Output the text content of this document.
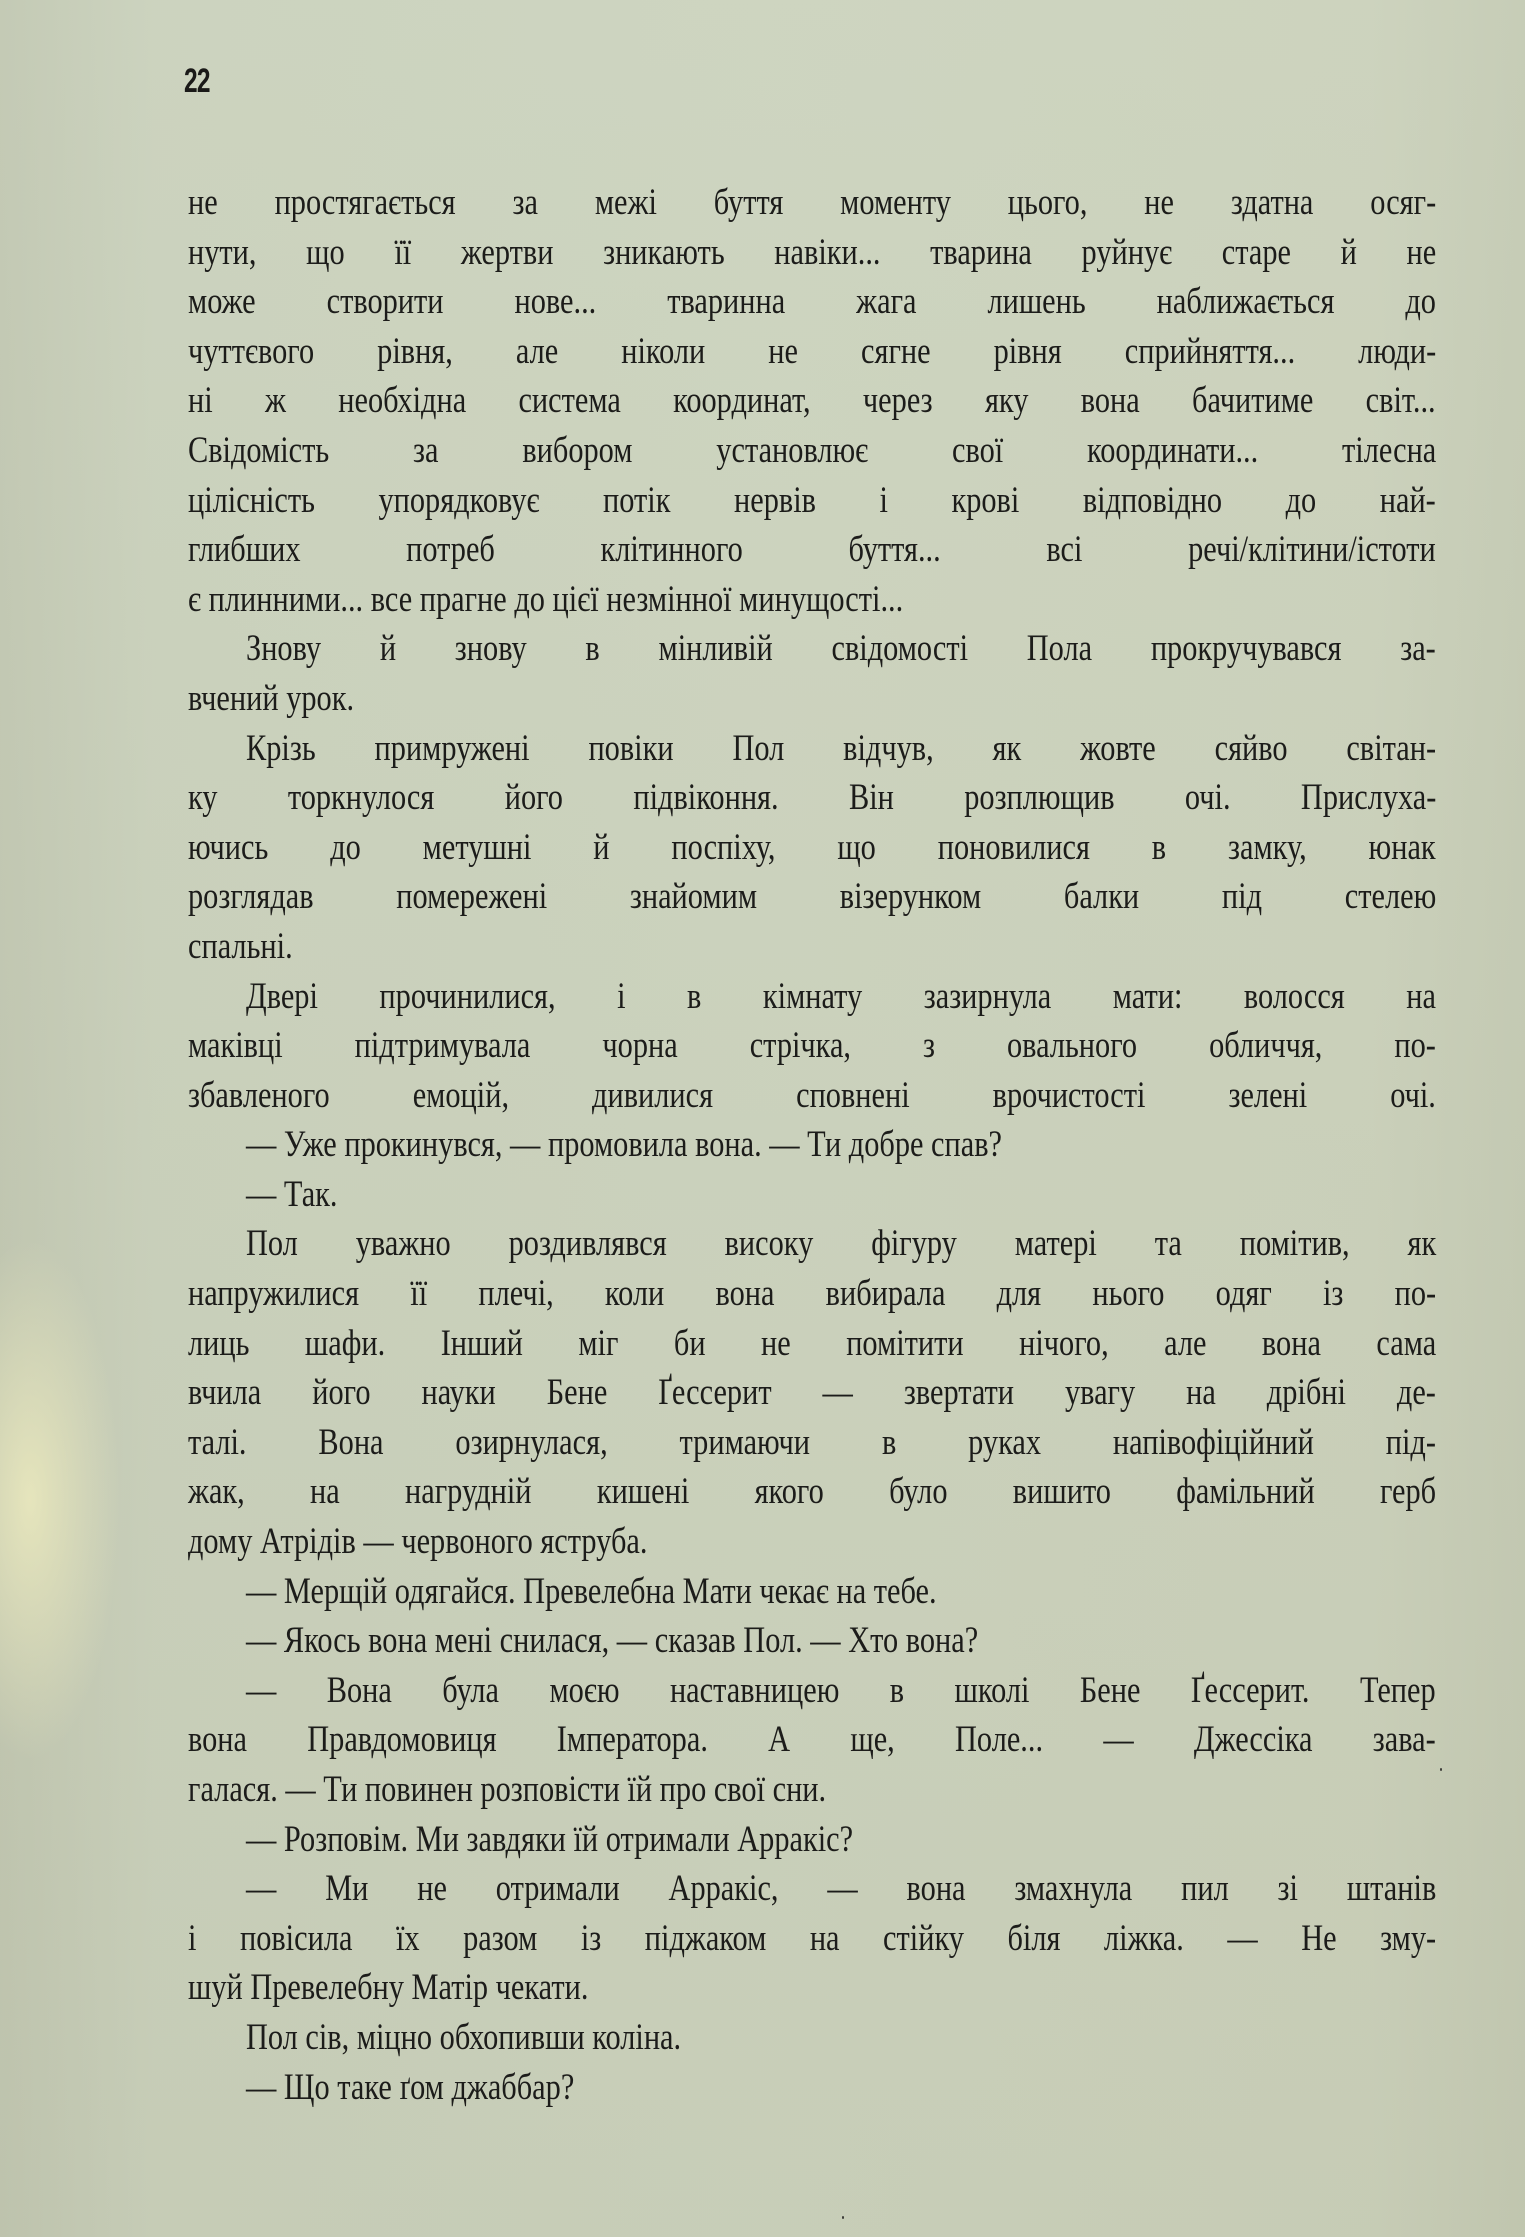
22
не простягається за межі буття моменту цього, не здатна осяг-
нути, що її жертви зникають навіки... тварина руйнує старе й не
може створити нове... тваринна жага лишень наближається до
чуттєвого рівня, але ніколи не сягне рівня сприйняття... люди-
ні ж необхідна система координат, через яку вона бачитиме світ...
Свідомість за вибором установлює свої координати... тілесна
цілісність упорядковує потік нервів і крові відповідно до най-
глибших потреб клітинного буття... всі речі/клітини/істоти
є плинними... все прагне до цієї незмінної минущості...
Знову й знову в мінливій свідомості Пола прокручувався за-
вчений урок.
Крізь примружені повіки Пол відчув, як жовте сяйво світан-
ку торкнулося його підвіконня. Він розплющив очі. Прислуха-
ючись до метушні й поспіху, що поновилися в замку, юнак
розглядав помережені знайомим візерунком балки під стелею
спальні.
Двері прочинилися, і в кімнату зазирнула мати: волосся на
маківці підтримувала чорна стрічка, з овального обличчя, по-
збавленого емоцій, дивилися сповнені врочистості зелені очі.
— Уже прокинувся, — промовила вона. — Ти добре спав?
— Так.
Пол уважно роздивлявся високу фігуру матері та помітив, як
напружилися її плечі, коли вона вибирала для нього одяг із по-
лиць шафи. Інший міг би не помітити нічого, але вона сама
вчила його науки Бене Ґессерит — звертати увагу на дрібні де-
талі. Вона озирнулася, тримаючи в руках напівофіційний під-
жак, на нагрудній кишені якого було вишито фамільний герб
дому Атрідів — червоного яструба.
— Мерщій одягайся. Превелебна Мати чекає на тебе.
— Якось вона мені снилася, — сказав Пол. — Хто вона?
— Вона була моєю наставницею в школі Бене Ґессерит. Тепер
вона Правдомовиця Імператора. А ще, Поле... — Джессіка зава-
галася. — Ти повинен розповісти їй про свої сни.
— Розповім. Ми завдяки їй отримали Арракіс?
— Ми не отримали Арракіс, — вона змахнула пил зі штанів
і повісила їх разом із піджаком на стійку біля ліжка. — Не зму-
шуй Превелебну Матір чекати.
Пол сів, міцно обхопивши коліна.
— Що таке ґом джаббар?
